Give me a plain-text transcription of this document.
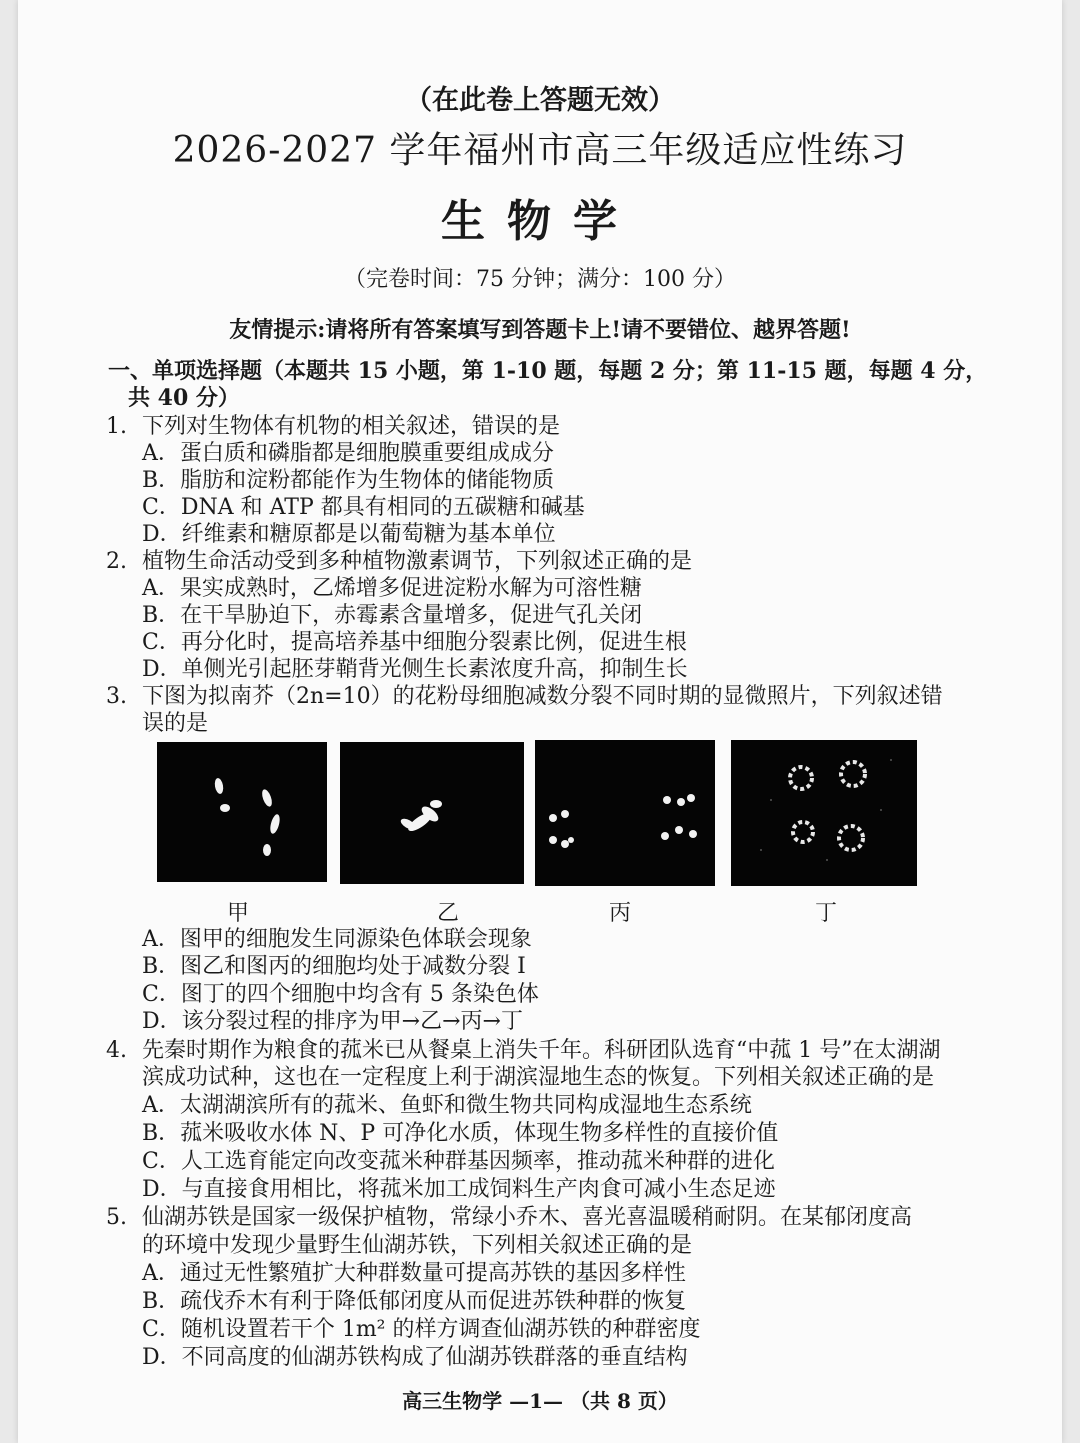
（在此卷上答题无效）
2026-2027 学年福州市高三年级适应性练习
生物学
（完卷时间：75 分钟；满分：100 分）
友情提示:请将所有答案填写到答题卡上!请不要错位、越界答题!
一、单项选择题（本题共 15 小题，第 1-10 题，每题 2 分；第 11-15 题，每题 4 分，
共 40 分）
1. 下列对生物体有机物的相关叙述，错误的是
A．蛋白质和磷脂都是细胞膜重要组成成分
B．脂肪和淀粉都能作为生物体的储能物质
C．DNA 和 ATP 都具有相同的五碳糖和碱基
D．纤维素和糖原都是以葡萄糖为基本单位
2. 植物生命活动受到多种植物激素调节，下列叙述正确的是
A．果实成熟时，乙烯增多促进淀粉水解为可溶性糖
B．在干旱胁迫下，赤霉素含量增多，促进气孔关闭
C．再分化时，提高培养基中细胞分裂素比例，促进生根
D．单侧光引起胚芽鞘背光侧生长素浓度升高，抑制生长
3. 下图为拟南芥（2n=10）的花粉母细胞减数分裂不同时期的显微照片，下列叙述错
误的是
甲	乙	丙	丁
A．图甲的细胞发生同源染色体联会现象
B．图乙和图丙的细胞均处于减数分裂 I
C．图丁的四个细胞中均含有 5 条染色体
D．该分裂过程的排序为甲→乙→丙→丁
4. 先秦时期作为粮食的菰米已从餐桌上消失千年。科研团队选育“中菰 1 号”在太湖湖
滨成功试种，这也在一定程度上利于湖滨湿地生态的恢复。下列相关叙述正确的是
A．太湖湖滨所有的菰米、鱼虾和微生物共同构成湿地生态系统
B．菰米吸收水体 N、P 可净化水质，体现生物多样性的直接价值
C．人工选育能定向改变菰米种群基因频率，推动菰米种群的进化
D．与直接食用相比，将菰米加工成饲料生产肉食可减小生态足迹
5. 仙湖苏铁是国家一级保护植物，常绿小乔木、喜光喜温暖稍耐阴。在某郁闭度高
的环境中发现少量野生仙湖苏铁，下列相关叙述正确的是
A．通过无性繁殖扩大种群数量可提高苏铁的基因多样性
B．疏伐乔木有利于降低郁闭度从而促进苏铁种群的恢复
C．随机设置若干个 1m² 的样方调查仙湖苏铁的种群密度
D．不同高度的仙湖苏铁构成了仙湖苏铁群落的垂直结构
高三生物学 —1— （共 8 页）
